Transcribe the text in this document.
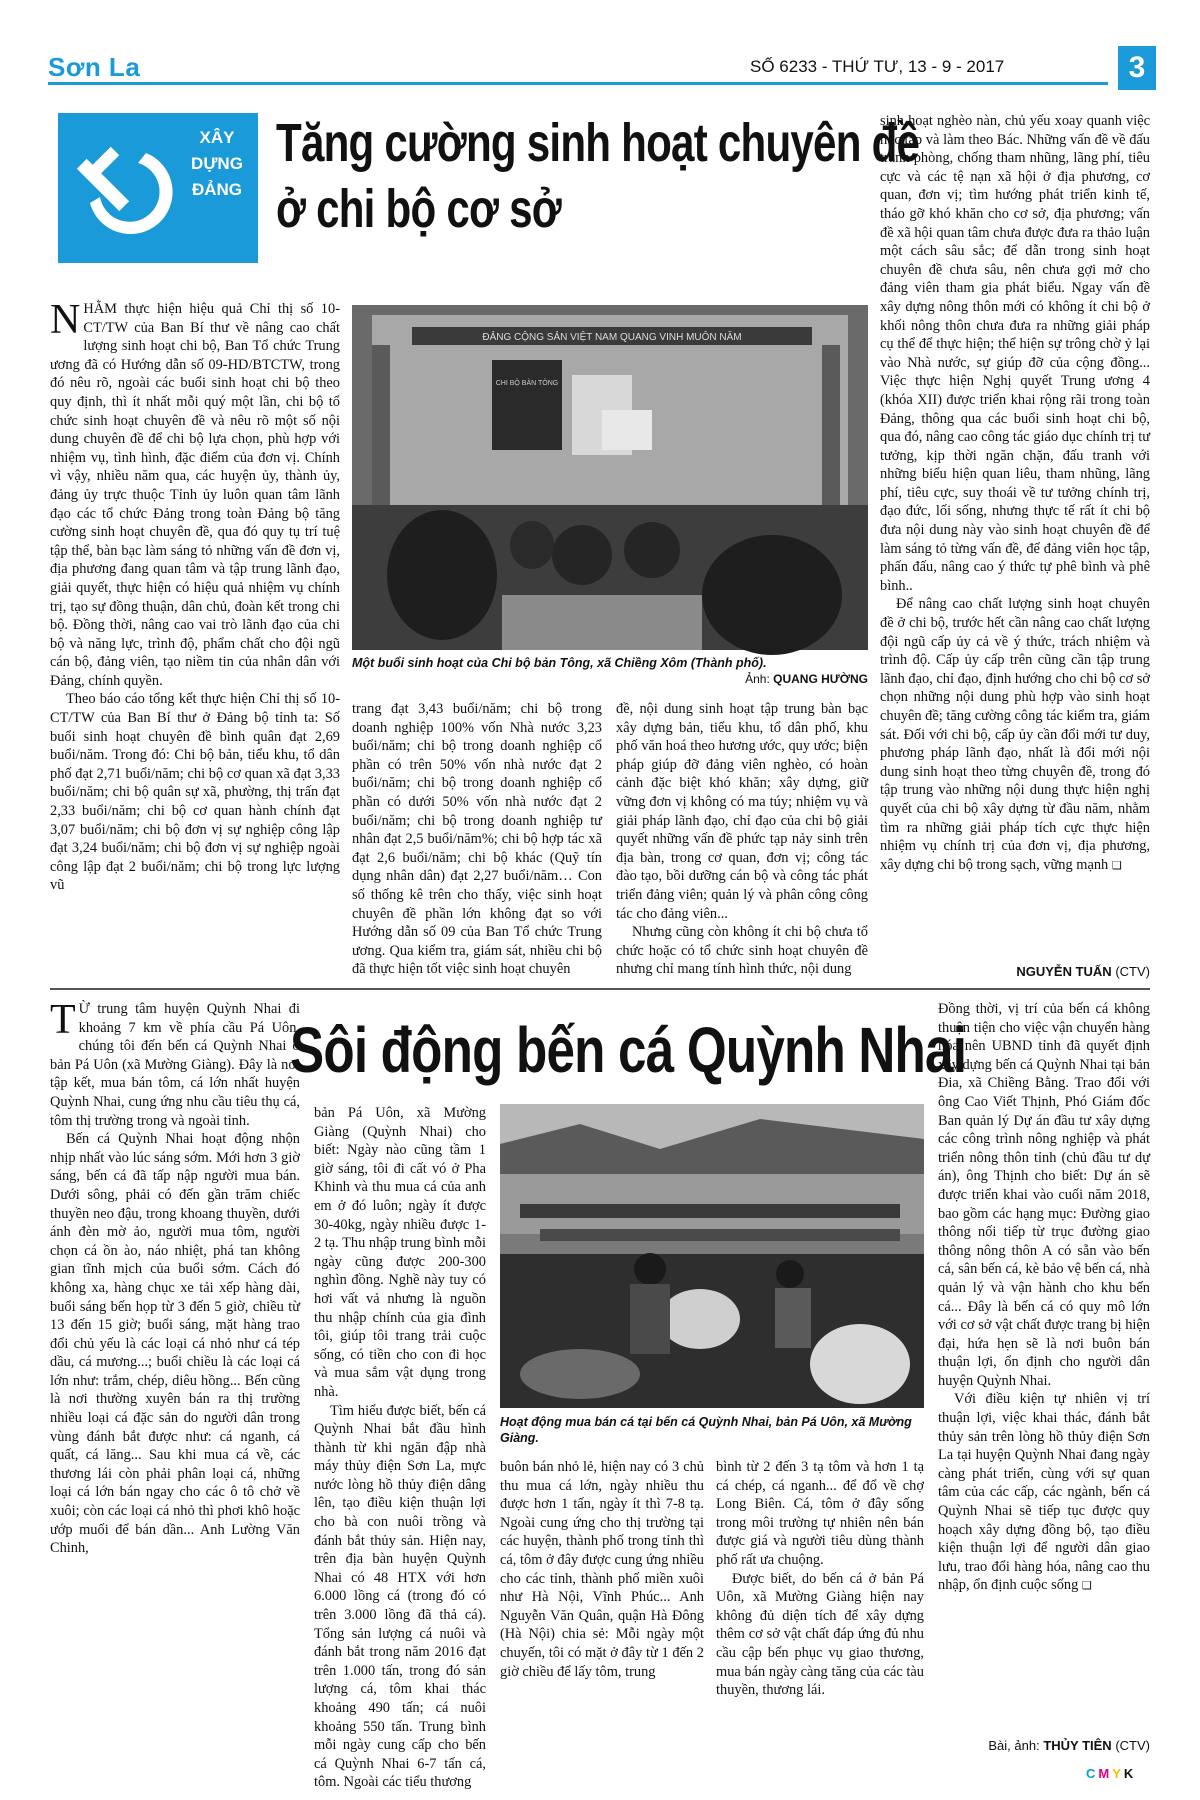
Sơn La	SỐ 6233 - THỨ TƯ, 13 - 9 - 2017	3
XÂY
DỰNG
ĐẢNG
Tăng cường sinh hoạt chuyên đề
ở chi bộ cơ sở

NHẰM thực hiện hiệu quả Chỉ thị số 10-CT/TW của Ban Bí thư về nâng cao chất lượng sinh hoạt chi bộ, Ban Tổ chức Trung ương đã có Hướng dẫn số 09-HD/BTCTW, trong đó nêu rõ, ngoài các buổi sinh hoạt chi bộ theo quy định, thì ít nhất mỗi quý một lần, chi bộ tổ chức sinh hoạt chuyên đề và nêu rõ một số nội dung chuyên đề để chi bộ lựa chọn, phù hợp với nhiệm vụ, tình hình, đặc điểm của đơn vị. Chính vì vậy, nhiều năm qua, các huyện ủy, thành ủy, đảng ủy trực thuộc Tỉnh ủy luôn quan tâm lãnh đạo các tổ chức Đảng trong toàn Đảng bộ tăng cường sinh hoạt chuyên đề, qua đó quy tụ trí tuệ tập thể, bàn bạc làm sáng tỏ những vấn đề đơn vị, địa phương đang quan tâm và tập trung lãnh đạo, giải quyết, thực hiện có hiệu quả nhiệm vụ chính trị, tạo sự đồng thuận, dân chủ, đoàn kết trong chi bộ. Đồng thời, nâng cao vai trò lãnh đạo của chi bộ và năng lực, trình độ, phẩm chất cho đội ngũ cán bộ, đảng viên, tạo niềm tin của nhân dân với Đảng, chính quyền.

Theo báo cáo tổng kết thực hiện Chỉ thị số 10-CT/TW của Ban Bí thư ở Đảng bộ tỉnh ta: Số buổi sinh hoạt chuyên đề bình quân đạt 2,69 buổi/năm. Trong đó: Chi bộ bản, tiểu khu, tổ dân phố đạt 2,71 buổi/năm; chi bộ cơ quan xã đạt 3,33 buổi/năm; chi bộ quân sự xã, phường, thị trấn đạt 2,33 buổi/năm; chi bộ cơ quan hành chính đạt 3,07 buổi/năm; chi bộ đơn vị sự nghiệp công lập đạt 3,24 buổi/năm; chi bộ đơn vị sự nghiệp ngoài công lập đạt 2 buổi/năm; chi bộ trong lực lượng vũ

ĐẢNG CỘNG SẢN VIỆT NAM QUANG VINH MUÔN NĂM
CHI BỘ BẢN TÔNG
Một buổi sinh hoạt của Chi bộ bản Tông, xã Chiềng Xôm (Thành phố).
Ảnh: QUANG HƯỜNG

trang đạt 3,43 buổi/năm; chi bộ trong doanh nghiệp 100% vốn Nhà nước 3,23 buổi/năm; chi bộ trong doanh nghiệp cổ phần có trên 50% vốn nhà nước đạt 2 buổi/năm; chi bộ trong doanh nghiệp cổ phần có dưới 50% vốn nhà nước đạt 2 buổi/năm; chi bộ trong doanh nghiệp tư nhân đạt 2,5 buổi/năm%; chi bộ hợp tác xã đạt 2,6 buổi/năm; chi bộ khác (Quỹ tín dụng nhân dân) đạt 2,27 buổi/năm… Con số thống kê trên cho thấy, việc sinh hoạt chuyên đề phần lớn không đạt so với Hướng dẫn số 09 của Ban Tổ chức Trung ương. Qua kiểm tra, giám sát, nhiều chi bộ đã thực hiện tốt việc sinh hoạt chuyên

đề, nội dung sinh hoạt tập trung bàn bạc xây dựng bản, tiểu khu, tổ dân phố, khu phố văn hoá theo hương ước, quy ước; biện pháp giúp đỡ đảng viên nghèo, có hoàn cảnh đặc biệt khó khăn; xây dựng, giữ vững đơn vị không có ma túy; nhiệm vụ và giải pháp lãnh đạo, chỉ đạo của chi bộ giải quyết những vấn đề phức tạp nảy sinh trên địa bàn, trong cơ quan, đơn vị; công tác đào tạo, bồi dưỡng cán bộ và công tác phát triển đảng viên; quản lý và phân công công tác cho đảng viên...

Nhưng cũng còn không ít chi bộ chưa tổ chức hoặc có tổ chức sinh hoạt chuyên đề nhưng chỉ mang tính hình thức, nội dung

sinh hoạt nghèo nàn, chủ yếu xoay quanh việc học tập và làm theo Bác. Những vấn đề về đấu tranh phòng, chống tham nhũng, lãng phí, tiêu cực và các tệ nạn xã hội ở địa phương, cơ quan, đơn vị; tìm hướng phát triển kinh tế, tháo gỡ khó khăn cho cơ sở, địa phương; vấn đề xã hội quan tâm chưa được đưa ra thảo luận một cách sâu sắc; để dẫn trong sinh hoạt chuyên đề chưa sâu, nên chưa gợi mở cho đảng viên tham gia phát biểu. Ngay vấn đề xây dựng nông thôn mới có không ít chi bộ ở khối nông thôn chưa đưa ra những giải pháp cụ thể để thực hiện; thể hiện sự trông chờ ỷ lại vào Nhà nước, sự giúp đỡ của cộng đồng... Việc thực hiện Nghị quyết Trung ương 4 (khóa XII) được triển khai rộng rãi trong toàn Đảng, thông qua các buổi sinh hoạt chi bộ, qua đó, nâng cao công tác giáo dục chính trị tư tưởng, kịp thời ngăn chặn, đấu tranh với những biểu hiện quan liêu, tham nhũng, lãng phí, tiêu cực, suy thoái về tư tưởng chính trị, đạo đức, lối sống, nhưng thực tế rất ít chi bộ đưa nội dung này vào sinh hoạt chuyên đề để làm sáng tỏ từng vấn đề, để đảng viên học tập, phấn đấu, nâng cao ý thức tự phê bình và phê bình..

Để nâng cao chất lượng sinh hoạt chuyên đề ở chi bộ, trước hết cần nâng cao chất lượng đội ngũ cấp ủy cả về ý thức, trách nhiệm và trình độ. Cấp ủy cấp trên cũng cần tập trung lãnh đạo, chỉ đạo, định hướng cho chi bộ cơ sở chọn những nội dung phù hợp vào sinh hoạt chuyên đề; tăng cường công tác kiểm tra, giám sát. Đối với chi bộ, cấp ủy cần đổi mới tư duy, phương pháp lãnh đạo, nhất là đổi mới nội dung sinh hoạt theo từng chuyên đề, trong đó tập trung vào những nội dung thực hiện nghị quyết của chi bộ xây dựng từ đầu năm, nhằm tìm ra những giải pháp tích cực thực hiện nhiệm vụ chính trị của đơn vị, địa phương, xây dựng chi bộ trong sạch, vững mạnh ❑

NGUYỄN TUẤN (CTV)

T Ừ trung tâm huyện Quỳnh Nhai đi khoảng 7 km về phía cầu Pá Uôn, chúng tôi đến bến cá Quỳnh Nhai ở bản Pá Uôn (xã Mường Giàng). Đây là nơi tập kết, mua bán tôm, cá lớn nhất huyện Quỳnh Nhai, cung ứng nhu cầu tiêu thụ cá, tôm thị trường trong và ngoài tỉnh.

Bến cá Quỳnh Nhai hoạt động nhộn nhịp nhất vào lúc sáng sớm. Mới hơn 3 giờ sáng, bến cá đã tấp nập người mua bán. Dưới sông, phải có đến gần trăm chiếc thuyền neo đậu, trong khoang thuyền, dưới ánh đèn mờ ảo, người mua tôm, người chọn cá ồn ào, náo nhiệt, phá tan không gian tĩnh mịch của buổi sớm. Cách đó không xa, hàng chục xe tải xếp hàng dài, buổi sáng bến họp từ 3 đến 5 giờ, chiều từ 13 đến 15 giờ; buổi sáng, mặt hàng trao đổi chủ yếu là các loại cá nhỏ như cá tép dầu, cá mương...; buổi chiều là các loại cá lớn như: trắm, chép, diêu hồng... Bến cũng là nơi thường xuyên bán ra thị trường nhiều loại cá đặc sản do người dân trong vùng đánh bắt được như: cá nganh, cá quất, cá lăng... Sau khi mua cá về, các thương lái còn phải phân loại cá, những loại cá lớn bán ngay cho các ô tô chở về xuôi; còn các loại cá nhỏ thì phơi khô hoặc ướp muối để bán dần... Anh Lường Văn Chinh,

Sôi động bến cá Quỳnh Nhai

bản Pá Uôn, xã Mường Giàng (Quỳnh Nhai) cho biết: Ngày nào cũng tầm 1 giờ sáng, tôi đi cất vó ở Pha Khinh và thu mua cá của anh em ở đó luôn; ngày ít được 30-40kg, ngày nhiều được 1-2 tạ. Thu nhập trung bình mỗi ngày cũng được 200-300 nghìn đồng. Nghề này tuy có hơi vất vả nhưng là nguồn thu nhập chính của gia đình tôi, giúp tôi trang trải cuộc sống, có tiền cho con đi học và mua sắm vật dụng trong nhà.

Tìm hiểu được biết, bến cá Quỳnh Nhai bắt đầu hình thành từ khi ngăn đập nhà máy thủy điện Sơn La, mực nước lòng hồ thủy điện dâng lên, tạo điều kiện thuận lợi cho bà con nuôi trồng và đánh bắt thủy sản. Hiện nay, trên địa bàn huyện Quỳnh Nhai có 48 HTX với hơn 6.000 lồng cá (trong đó có trên 3.000 lồng đã thả cá). Tổng sản lượng cá nuôi và đánh bắt trong năm 2016 đạt trên 1.000 tấn, trong đó sản lượng cá, tôm khai thác khoảng 490 tấn; cá nuôi khoảng 550 tấn. Trung bình mỗi ngày cung cấp cho bến cá Quỳnh Nhai 6-7 tấn cá, tôm. Ngoài các tiểu thương

Hoạt động mua bán cá tại bến cá Quỳnh Nhai, bản Pá Uôn, xã Mường Giàng.

buôn bán nhỏ lẻ, hiện nay có 3 chủ thu mua cá lớn, ngày nhiều thu được hơn 1 tấn, ngày ít thì 7-8 tạ. Ngoài cung ứng cho thị trường tại các huyện, thành phố trong tỉnh thì cá, tôm ở đây được cung ứng nhiều cho các tỉnh, thành phố miền xuôi như Hà Nội, Vĩnh Phúc... Anh Nguyễn Văn Quân, quận Hà Đông (Hà Nội) chia sẻ: Mỗi ngày một chuyến, tôi có mặt ở đây từ 1 đến 2 giờ chiều để lấy tôm, trung

bình từ 2 đến 3 tạ tôm và hơn 1 tạ cá chép, cá nganh... để đổ về chợ Long Biên. Cá, tôm ở đây sống trong môi trường tự nhiên nên bán được giá và người tiêu dùng thành phố rất ưa chuộng.

Được biết, do bến cá ở bản Pá Uôn, xã Mường Giàng hiện nay không đủ diện tích để xây dựng thêm cơ sở vật chất đáp ứng đủ nhu cầu cập bến phục vụ giao thương, mua bán ngày càng tăng của các tàu thuyền, thương lái.

Đồng thời, vị trí của bến cá không thuận tiện cho việc vận chuyển hàng hóa nên UBND tỉnh đã quyết định xây dựng bến cá Quỳnh Nhai tại bản Đia, xã Chiềng Bằng. Trao đổi với ông Cao Viết Thịnh, Phó Giám đốc Ban quản lý Dự án đầu tư xây dựng các công trình nông nghiệp và phát triển nông thôn tỉnh (chủ đầu tư dự án), ông Thịnh cho biết: Dự án sẽ được triển khai vào cuối năm 2018, bao gồm các hạng mục: Đường giao thông nối tiếp từ trục đường giao thông nông thôn A có sẵn vào bến cá, sân bến cá, kè bảo vệ bến cá, nhà quản lý và vận hành cho khu bến cá... Đây là bến cá có quy mô lớn với cơ sở vật chất được trang bị hiện đại, hứa hẹn sẽ là nơi buôn bán thuận lợi, ổn định cho người dân huyện Quỳnh Nhai.

Với điều kiện tự nhiên vị trí thuận lợi, việc khai thác, đánh bắt thủy sản trên lòng hồ thủy điện Sơn La tại huyện Quỳnh Nhai đang ngày càng phát triển, cùng với sự quan tâm của các cấp, các ngành, bến cá Quỳnh Nhai sẽ tiếp tục được quy hoạch xây dựng đồng bộ, tạo điều kiện thuận lợi để người dân giao lưu, trao đổi hàng hóa, nâng cao thu nhập, ổn định cuộc sống ❑

Bài, ảnh: THỦY TIÊN (CTV)
CMYK
